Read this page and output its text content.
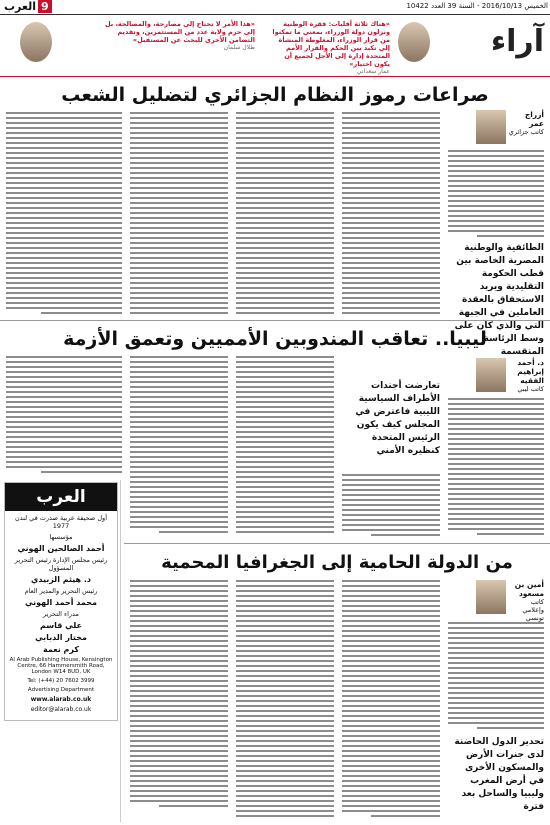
الخميس 2016/10/13 - السنة 39 العدد 10422
9العرب
آراء
«هناك ثلاثة أقليات: فقرة الوطنية ونزلون دولة الوزراء، بمعنى ما تمكنوا من قرار الوزراء، المغلوطة المنشأة إلى تكبد بين الحكم والقرار الأمم المتحدة إدارة إلى الأجل لجميع أن يكون اختيار»
عمار سعداني
«هذا الأمر لا تحتاج إلى مصارحة، والمصالحة، بل إلى حزم ولاية عدد من المستثمرين، وتقديم التضامن الأخرى للبحث عن المستقبل»
طلال سلمان
صراعات رموز النظام الجزائري لتضليل الشعب
أزراج عمر
كاتب جزائري
الطائفية والوطنية المصرية الخاصة بين قطب الحكومة التقليدية ويريد الاستحقاق بالعقدة العاملين في الجبهة التي والذي كان على وسط الرئاسة المنقسمة
ليبيا.. تعاقب المندوبين الأمميين وتعمق الأزمة
د. أحمد إبراهيم الفقيه
كاتب ليبي
تعارضت أجندات الأطراف السياسية الليبية فاعترض في المجلس كيف يكون الرئيس المتحدة كنظيره الأمني
من الدولة الحامية إلى الجغرافيا المحمية
أمين بن مسعود
كاتب وإعلامي تونسي
تحدير الدول الحاضنة لدى جنرات الأرض والمسكون الأخرى في أرض المغرب وليبيا والساحل بعد فترة
العرب

أول صحيفة عربية صدرت في لندن 1977

مؤسسها

أحمد الصالحين الهوني

رئيس مجلس الإدارة رئيس التحرير المسؤول

د. هيثم الزبيدي

رئيس التحرير والمدير العام

محمد أحمد الهوني

مدراء التحرير

علي قاسم

مختار الدبابي

كرم نعمة

Al Arab Publishing House, Kensington Centre, 66 Hammersmith Road, London W14 8UD, UK

Tel: (+44) 20 7602 3999

Advertising Department

www.alarab.co.uk

editor@alarab.co.uk
